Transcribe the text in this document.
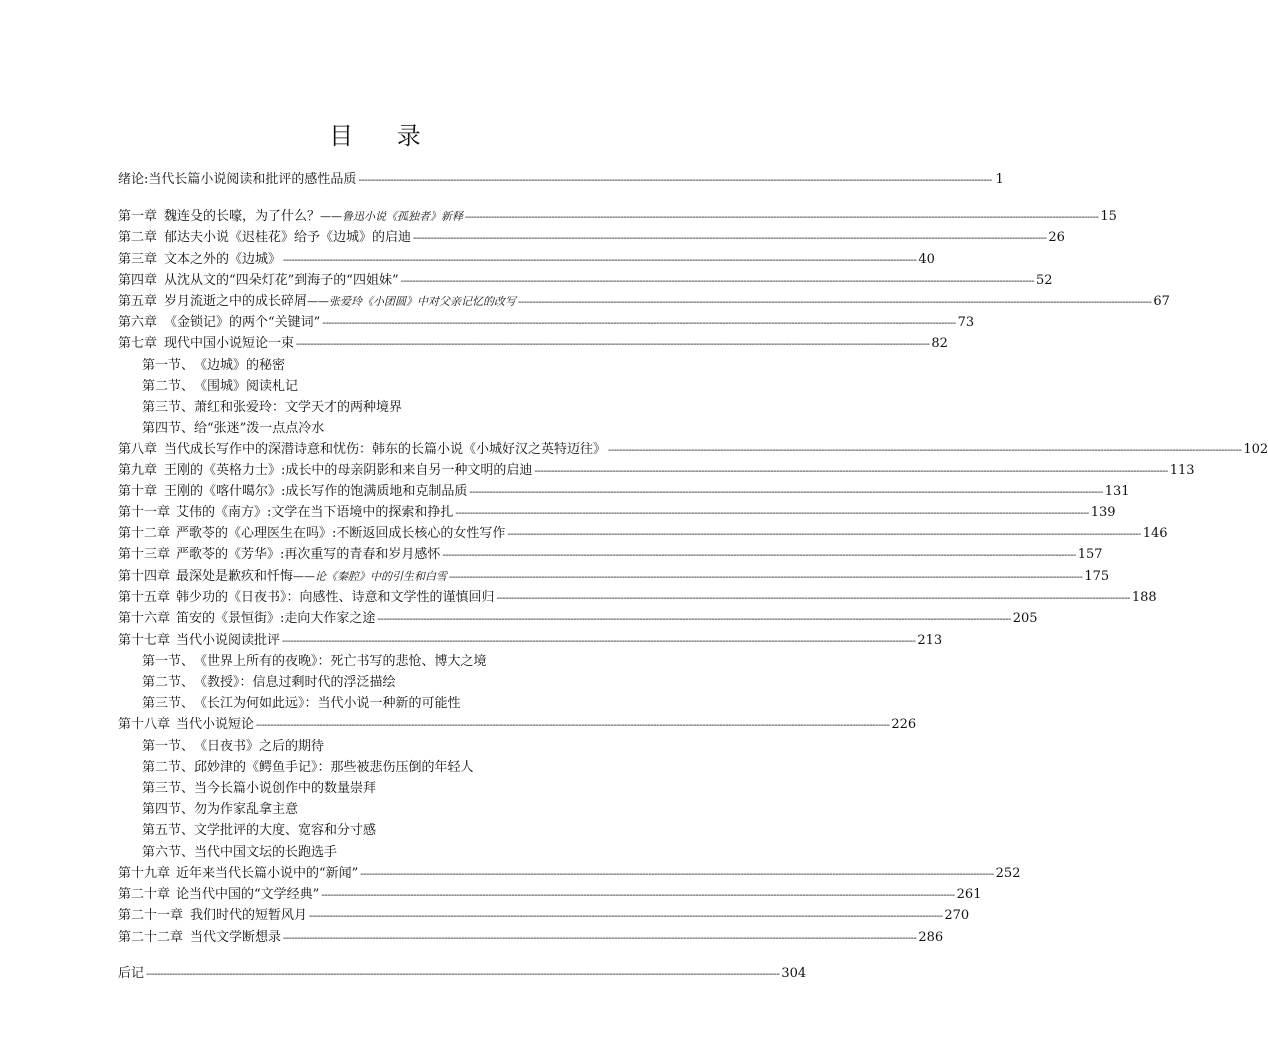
目 录
绪论: 当代长篇小说阅读和批评的感性品质 ---------------------------------------------------------------------------------------------------------------------------------------------------------------------------------------------------------------------------- 1
第一章 魏连殳的长嚎，为了什么？——鲁迅小说《孤独者》新释 ---------------------------------------------------------------------------------------------------------------------------------------------------------------------------------------------------------------------------- 15
第二章 郁达夫小说《迟桂花》给予《边城》的启迪 ---------------------------------------------------------------------------------------------------------------------------------------------------------------------------------------------------------------------------- 26
第三章 文本之外的《边城》 ---------------------------------------------------------------------------------------------------------------------------------------------------------------------------------------------------------------------------- 40
第四章 从沈从文的“四朵灯花”到海子的“四姐妹” ---------------------------------------------------------------------------------------------------------------------------------------------------------------------------------------------------------------------------- 52
第五章 岁月流逝之中的成长碎屑——张爱玲《小团圆》中对父亲记忆的改写 ---------------------------------------------------------------------------------------------------------------------------------------------------------------------------------------------------------------------------- 67
第六章 《金锁记》的两个“关键词” ---------------------------------------------------------------------------------------------------------------------------------------------------------------------------------------------------------------------------- 73
第七章 现代中国小说短论一束 ---------------------------------------------------------------------------------------------------------------------------------------------------------------------------------------------------------------------------- 82
第一节、 《边城》的秘密
第二节、 《围城》阅读札记
第三节、 萧红和张爱玲：文学天才的两种境界
第四节、 给“张迷”泼一点点冷水
第八章 当代成长写作中的深潜诗意和忧伤：韩东的长篇小说《小城好汉之英特迈往》 ---------------------------------------------------------------------------------------------------------------------------------------------------------------------------------------------------------------------------- 102
第九章 王刚的《英格力士》:成长中的母亲阴影和来自另一种文明的启迪 ---------------------------------------------------------------------------------------------------------------------------------------------------------------------------------------------------------------------------- 113
第十章 王刚的《喀什噶尔》:成长写作的饱满质地和克制品质 ---------------------------------------------------------------------------------------------------------------------------------------------------------------------------------------------------------------------------- 131
第十一章 艾伟的《南方》:文学在当下语境中的探索和挣扎 ---------------------------------------------------------------------------------------------------------------------------------------------------------------------------------------------------------------------------- 139
第十二章 严歌苓的《心理医生在吗》:不断返回成长核心的女性写作 ---------------------------------------------------------------------------------------------------------------------------------------------------------------------------------------------------------------------------- 146
第十三章 严歌苓的《芳华》:再次重写的青春和岁月感怀 ---------------------------------------------------------------------------------------------------------------------------------------------------------------------------------------------------------------------------- 157
第十四章 最深处是歉疚和忏悔——论《秦腔》中的引生和白雪 ---------------------------------------------------------------------------------------------------------------------------------------------------------------------------------------------------------------------------- 175
第十五章 韩少功的《日夜书》：向感性、诗意和文学性的谨慎回归 ---------------------------------------------------------------------------------------------------------------------------------------------------------------------------------------------------------------------------- 188
第十六章 笛安的《景恒街》:走向大作家之途 ---------------------------------------------------------------------------------------------------------------------------------------------------------------------------------------------------------------------------- 205
第十七章 当代小说阅读批评 ---------------------------------------------------------------------------------------------------------------------------------------------------------------------------------------------------------------------------- 213
第一节、 《世界上所有的夜晚》：死亡书写的悲怆、博大之境
第二节、 《教授》：信息过剩时代的浮泛描绘
第三节、 《长江为何如此远》：当代小说一种新的可能性
第十八章 当代小说短论 ---------------------------------------------------------------------------------------------------------------------------------------------------------------------------------------------------------------------------- 226
第一节、 《日夜书》之后的期待
第二节、 邱妙津的《鳄鱼手记》：那些被悲伤压倒的年轻人
第三节、 当今长篇小说创作中的数量崇拜
第四节、 勿为作家乱拿主意
第五节、 文学批评的大度、宽容和分寸感
第六节、 当代中国文坛的长跑选手
第十九章 近年来当代长篇小说中的“新闻” ---------------------------------------------------------------------------------------------------------------------------------------------------------------------------------------------------------------------------- 252
第二十章 论当代中国的“文学经典” ---------------------------------------------------------------------------------------------------------------------------------------------------------------------------------------------------------------------------- 261
第二十一章 我们时代的短暂风月 ---------------------------------------------------------------------------------------------------------------------------------------------------------------------------------------------------------------------------- 270
第二十二章 当代文学断想录 ---------------------------------------------------------------------------------------------------------------------------------------------------------------------------------------------------------------------------- 286
后记 ---------------------------------------------------------------------------------------------------------------------------------------------------------------------------------------------------------------------------- 304
